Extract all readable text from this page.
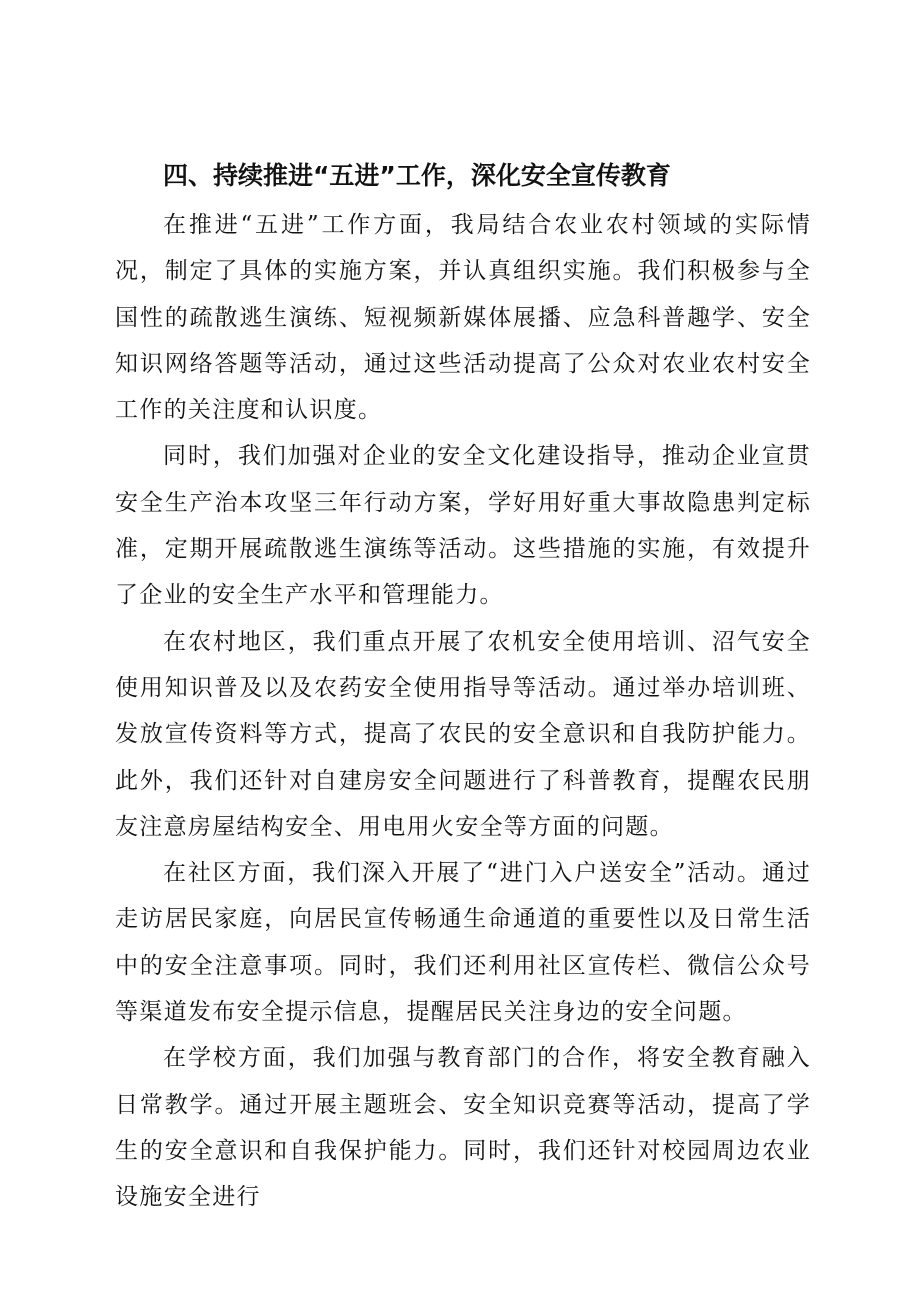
四、持续推进“五进”工作，深化安全宣传教育

在推进“五进”工作方面，我局结合农业农村领域的实际情况，制定了具体的实施方案，并认真组织实施。我们积极参与全国性的疏散逃生演练、短视频新媒体展播、应急科普趣学、安全知识网络答题等活动，通过这些活动提高了公众对农业农村安全工作的关注度和认识度。

同时，我们加强对企业的安全文化建设指导，推动企业宣贯安全生产治本攻坚三年行动方案，学好用好重大事故隐患判定标准，定期开展疏散逃生演练等活动。这些措施的实施，有效提升了企业的安全生产水平和管理能力。

在农村地区，我们重点开展了农机安全使用培训、沼气安全使用知识普及以及农药安全使用指导等活动。通过举办培训班、发放宣传资料等方式，提高了农民的安全意识和自我防护能力。此外，我们还针对自建房安全问题进行了科普教育，提醒农民朋友注意房屋结构安全、用电用火安全等方面的问题。

在社区方面，我们深入开展了“进门入户送安全”活动。通过走访居民家庭，向居民宣传畅通生命通道的重要性以及日常生活中的安全注意事项。同时，我们还利用社区宣传栏、微信公众号等渠道发布安全提示信息，提醒居民关注身边的安全问题。

在学校方面，我们加强与教育部门的合作，将安全教育融入日常教学。通过开展主题班会、安全知识竞赛等活动，提高了学生的安全意识和自我保护能力。同时，我们还针对校园周边农业设施安全进行
